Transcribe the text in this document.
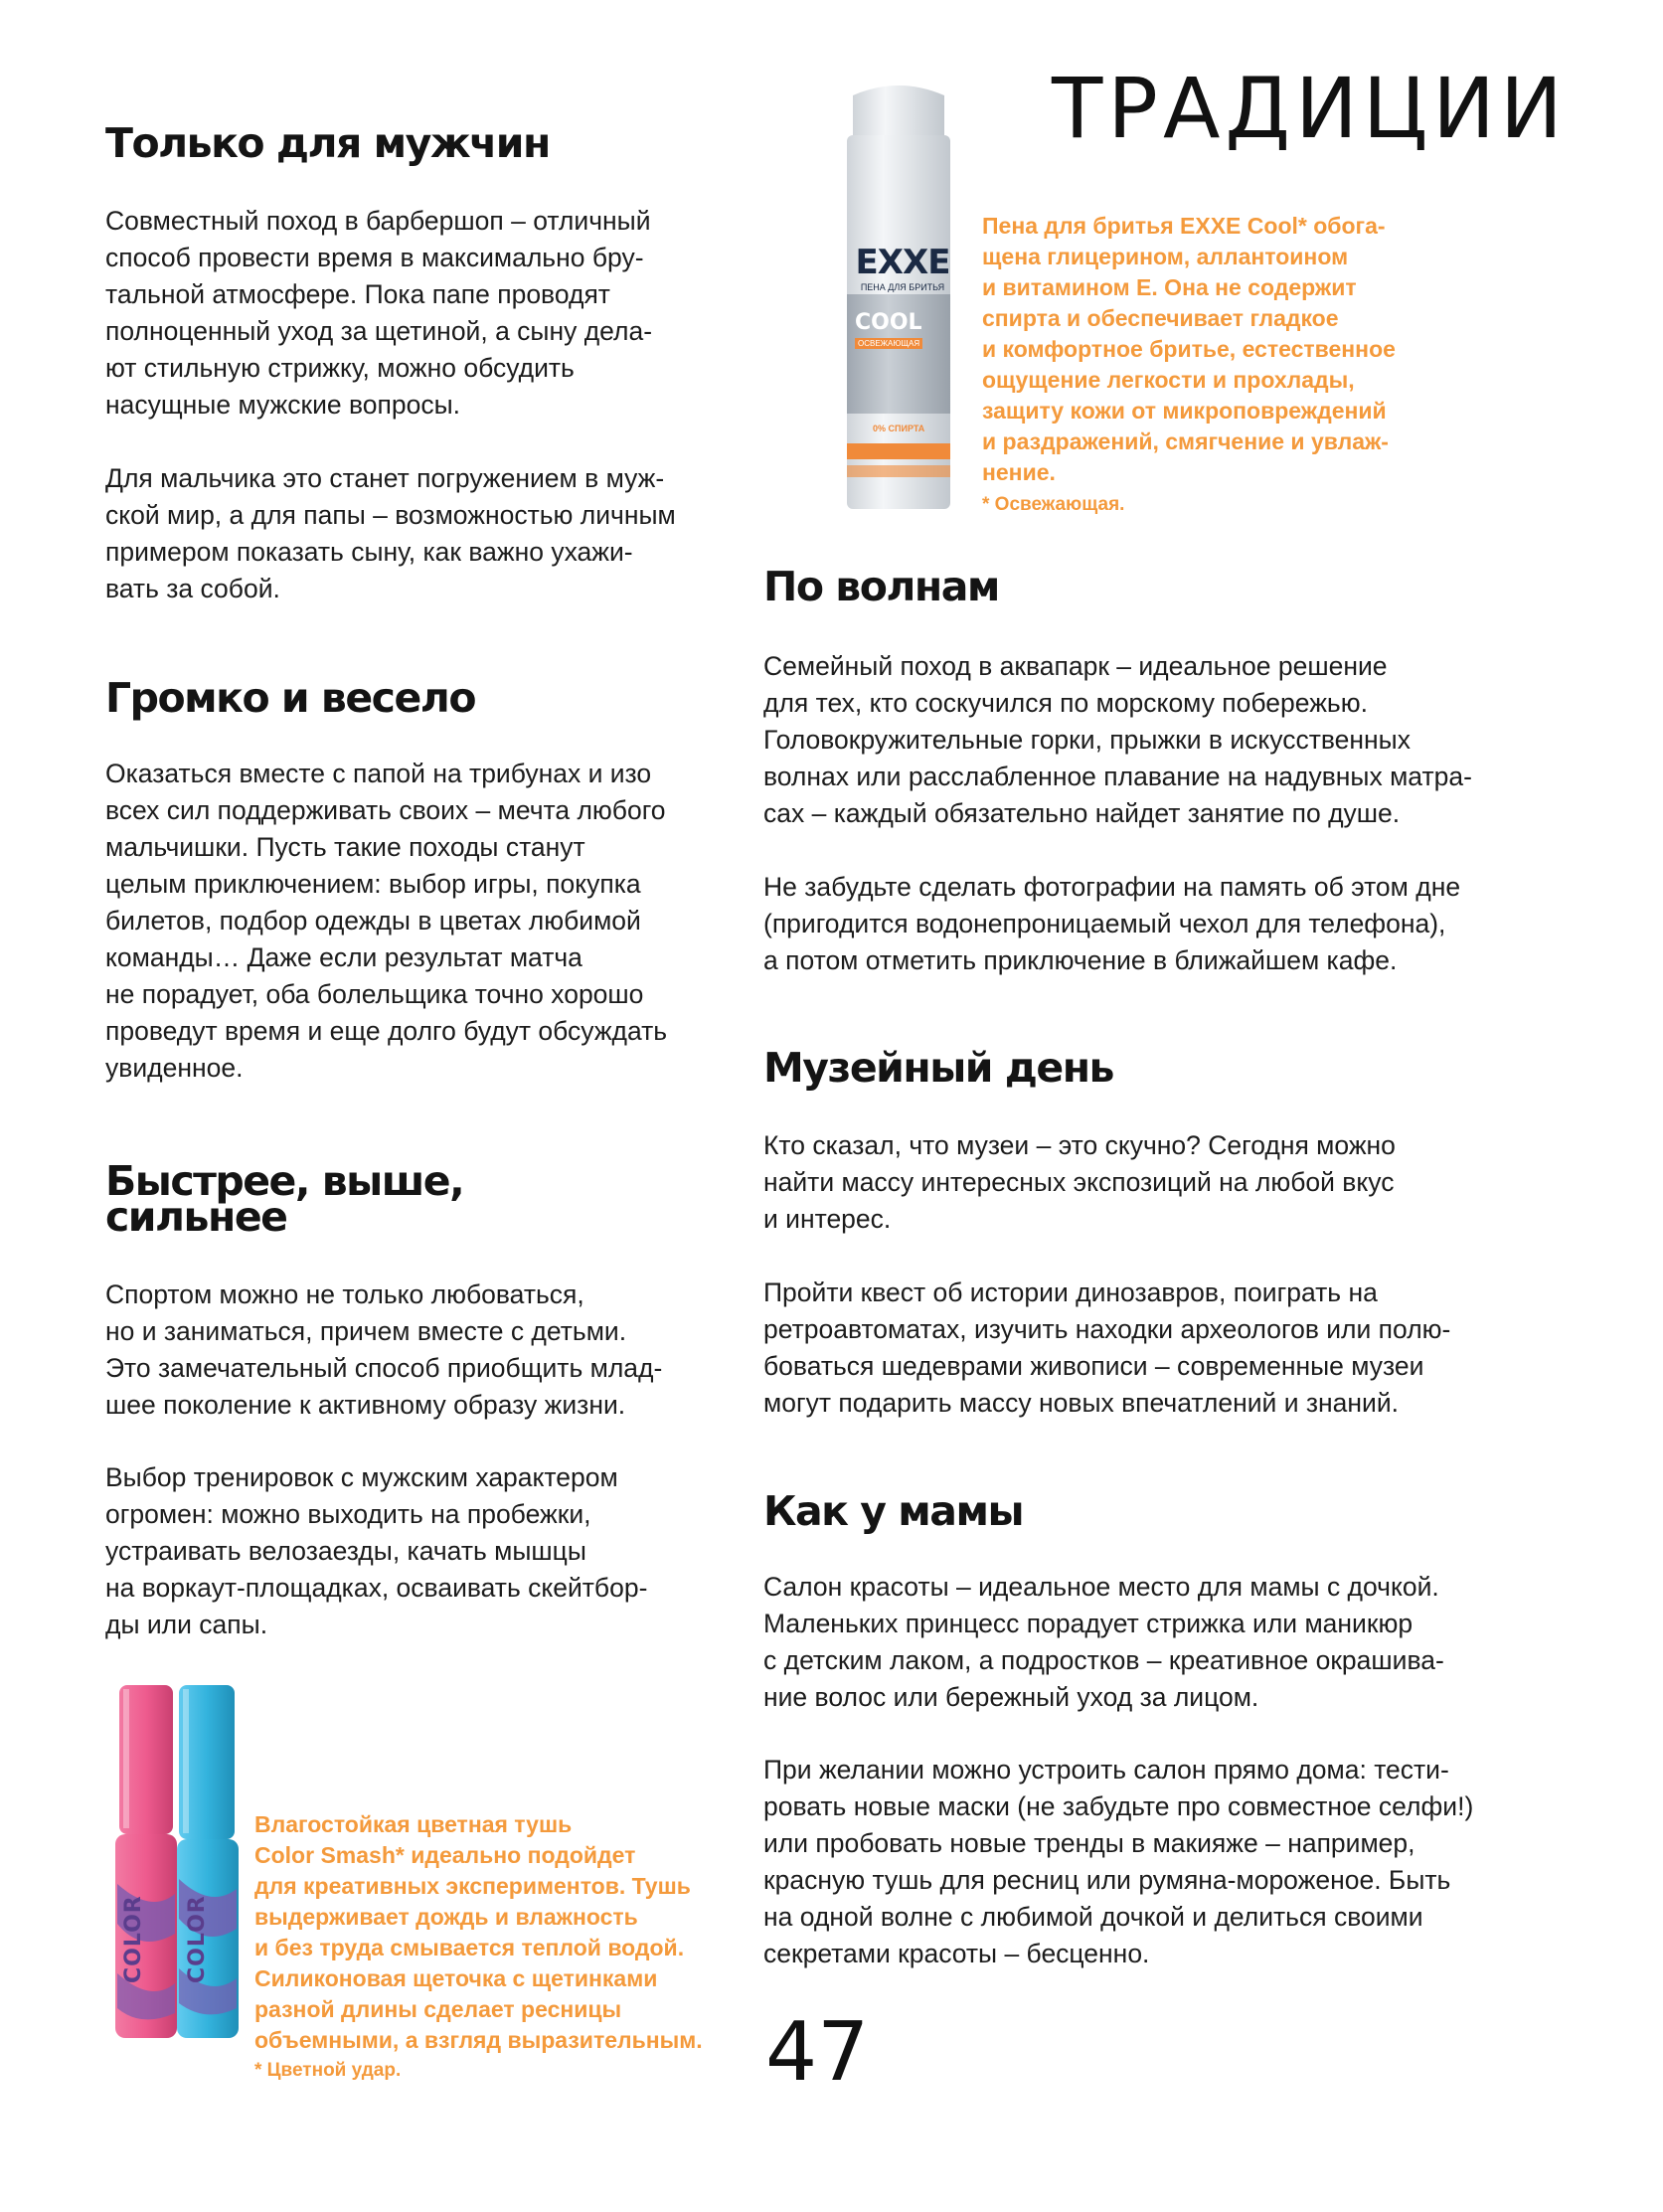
ТРАДИЦИИ
Только для мужчин
Совместный поход в барбершоп – отличный
способ провести время в максимально бру-
тальной атмосфере. Пока папе проводят
полноценный уход за щетиной, а сыну дела-
ют стильную стрижку, можно обсудить
насущные мужские вопросы.
Для мальчика это станет погружением в муж-
ской мир, а для папы – возможностью личным
примером показать сыну, как важно ухажи-
вать за собой.
Громко и весело
Оказаться вместе с папой на трибунах и изо
всех сил поддерживать своих – мечта любого
мальчишки. Пусть такие походы станут
целым приключением: выбор игры, покупка
билетов, подбор одежды в цветах любимой
команды… Даже если результат матча
не порадует, оба болельщика точно хорошо
проведут время и еще долго будут обсуждать
увиденное.
Быстрее, выше,
сильнее
Спортом можно не только любоваться,
но и заниматься, причем вместе с детьми.
Это замечательный способ приобщить млад-
шее поколение к активному образу жизни.
Выбор тренировок с мужским характером
огромен: можно выходить на пробежки,
устраивать велозаезды, качать мышцы
на воркаут-площадках, осваивать скейтбор-
ды или сапы.
COLOR COLOR
Влагостойкая цветная тушь
Color Smash* идеально подойдет
для креативных экспериментов. Тушь
выдерживает дождь и влажность
и без труда смывается теплой водой.
Силиконовая щеточка с щетинками
разной длины сделает ресницы
объемными, а взгляд выразительным.
* Цветной удар.
EXXE
ПЕНА ДЛЯ БРИТЬЯ
COOL
ОСВЕЖАЮЩАЯ
0% СПИРТА
Пена для бритья EXXE Cool* обога-
щена глицерином, аллантоином
и витамином Е. Она не содержит
спирта и обеспечивает гладкое
и комфортное бритье, естественное
ощущение легкости и прохлады,
защиту кожи от микроповреждений
и раздражений, смягчение и увлаж-
нение.
* Освежающая.
По волнам
Семейный поход в аквапарк – идеальное решение
для тех, кто соскучился по морскому побережью.
Головокружительные горки, прыжки в искусственных
волнах или расслабленное плавание на надувных матра-
сах – каждый обязательно найдет занятие по душе.
Не забудьте сделать фотографии на память об этом дне
(пригодится водонепроницаемый чехол для телефона),
а потом отметить приключение в ближайшем кафе.
Музейный день
Кто сказал, что музеи – это скучно? Сегодня можно
найти массу интересных экспозиций на любой вкус
и интерес.
Пройти квест об истории динозавров, поиграть на
ретроавтоматах, изучить находки археологов или полю-
боваться шедеврами живописи – современные музеи
могут подарить массу новых впечатлений и знаний.
Как у мамы
Салон красоты – идеальное место для мамы с дочкой.
Маленьких принцесс порадует стрижка или маникюр
с детским лаком, а подростков – креативное окрашива-
ние волос или бережный уход за лицом.
При желании можно устроить салон прямо дома: тести-
ровать новые маски (не забудьте про совместное селфи!)
или пробовать новые тренды в макияже – например,
красную тушь для ресниц или румяна-мороженое. Быть
на одной волне с любимой дочкой и делиться своими
секретами красоты – бесценно.
47
